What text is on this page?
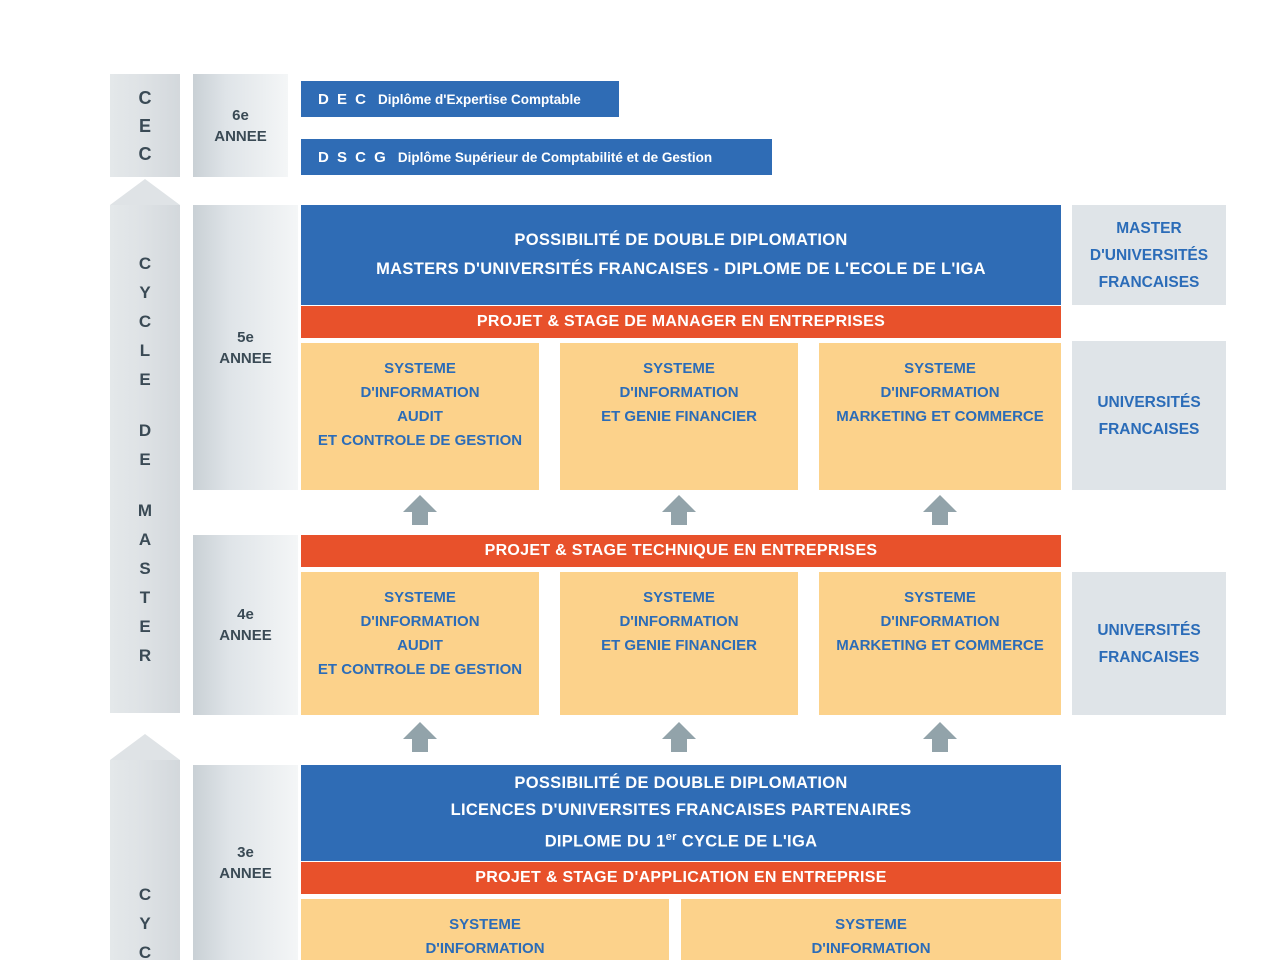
C
E
C
C
Y
C
L
E
D
E
M
A
S
T
E
R
C
Y
C
6e
ANNEE
5e
ANNEE
4e
ANNEE
3e
ANNEE
D E C Diplôme d'Expertise Comptable
D S C G Diplôme Supérieur de Comptabilité et de Gestion
POSSIBILITÉ DE DOUBLE DIPLOMATION
MASTERS D'UNIVERSITÉS FRANCAISES - DIPLOME DE L'ECOLE DE L'IGA
PROJET & STAGE DE MANAGER EN ENTREPRISES
SYSTEME
D'INFORMATION
AUDIT
ET CONTROLE DE GESTION
SYSTEME
D'INFORMATION
ET GENIE FINANCIER
SYSTEME
D'INFORMATION
MARKETING ET COMMERCE
PROJET & STAGE TECHNIQUE EN ENTREPRISES
SYSTEME
D'INFORMATION
AUDIT
ET CONTROLE DE GESTION
SYSTEME
D'INFORMATION
ET GENIE FINANCIER
SYSTEME
D'INFORMATION
MARKETING ET COMMERCE
POSSIBILITÉ DE DOUBLE DIPLOMATION
LICENCES D'UNIVERSITES FRANCAISES PARTENAIRES
DIPLOME DU 1er CYCLE DE L'IGA
PROJET & STAGE D'APPLICATION EN ENTREPRISE
SYSTEME
D'INFORMATION
SYSTEME
D'INFORMATION
MASTER
D'UNIVERSITÉS
FRANCAISES
UNIVERSITÉS
FRANCAISES
UNIVERSITÉS
FRANCAISES
